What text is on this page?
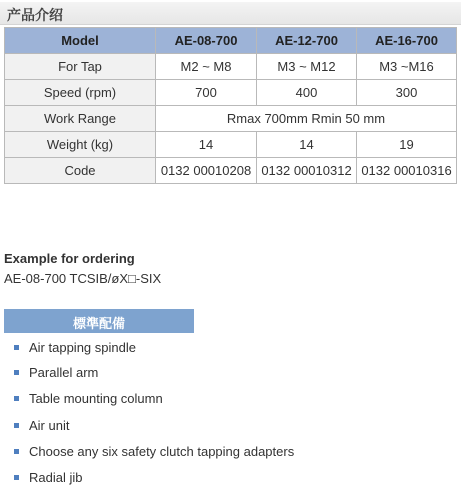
产品介绍
Model	AE-08-700	AE-12-700	AE-16-700
For Tap	M2 ~ M8	M3 ~ M12	M3 ~M16
Speed (rpm)	700	400	300
Work Range	Rmax 700mm Rmin 50 mm		
Weight (kg)	14	14	19
Code	0132 00010208	0132 00010312	0132 00010316
Example for ordering
AE-08-700 TCSIB/øX□-SIX
標準配備
Air tapping spindle
Parallel arm
Table mounting column
Air unit
Choose any six safety clutch tapping adapters
Radial jib
